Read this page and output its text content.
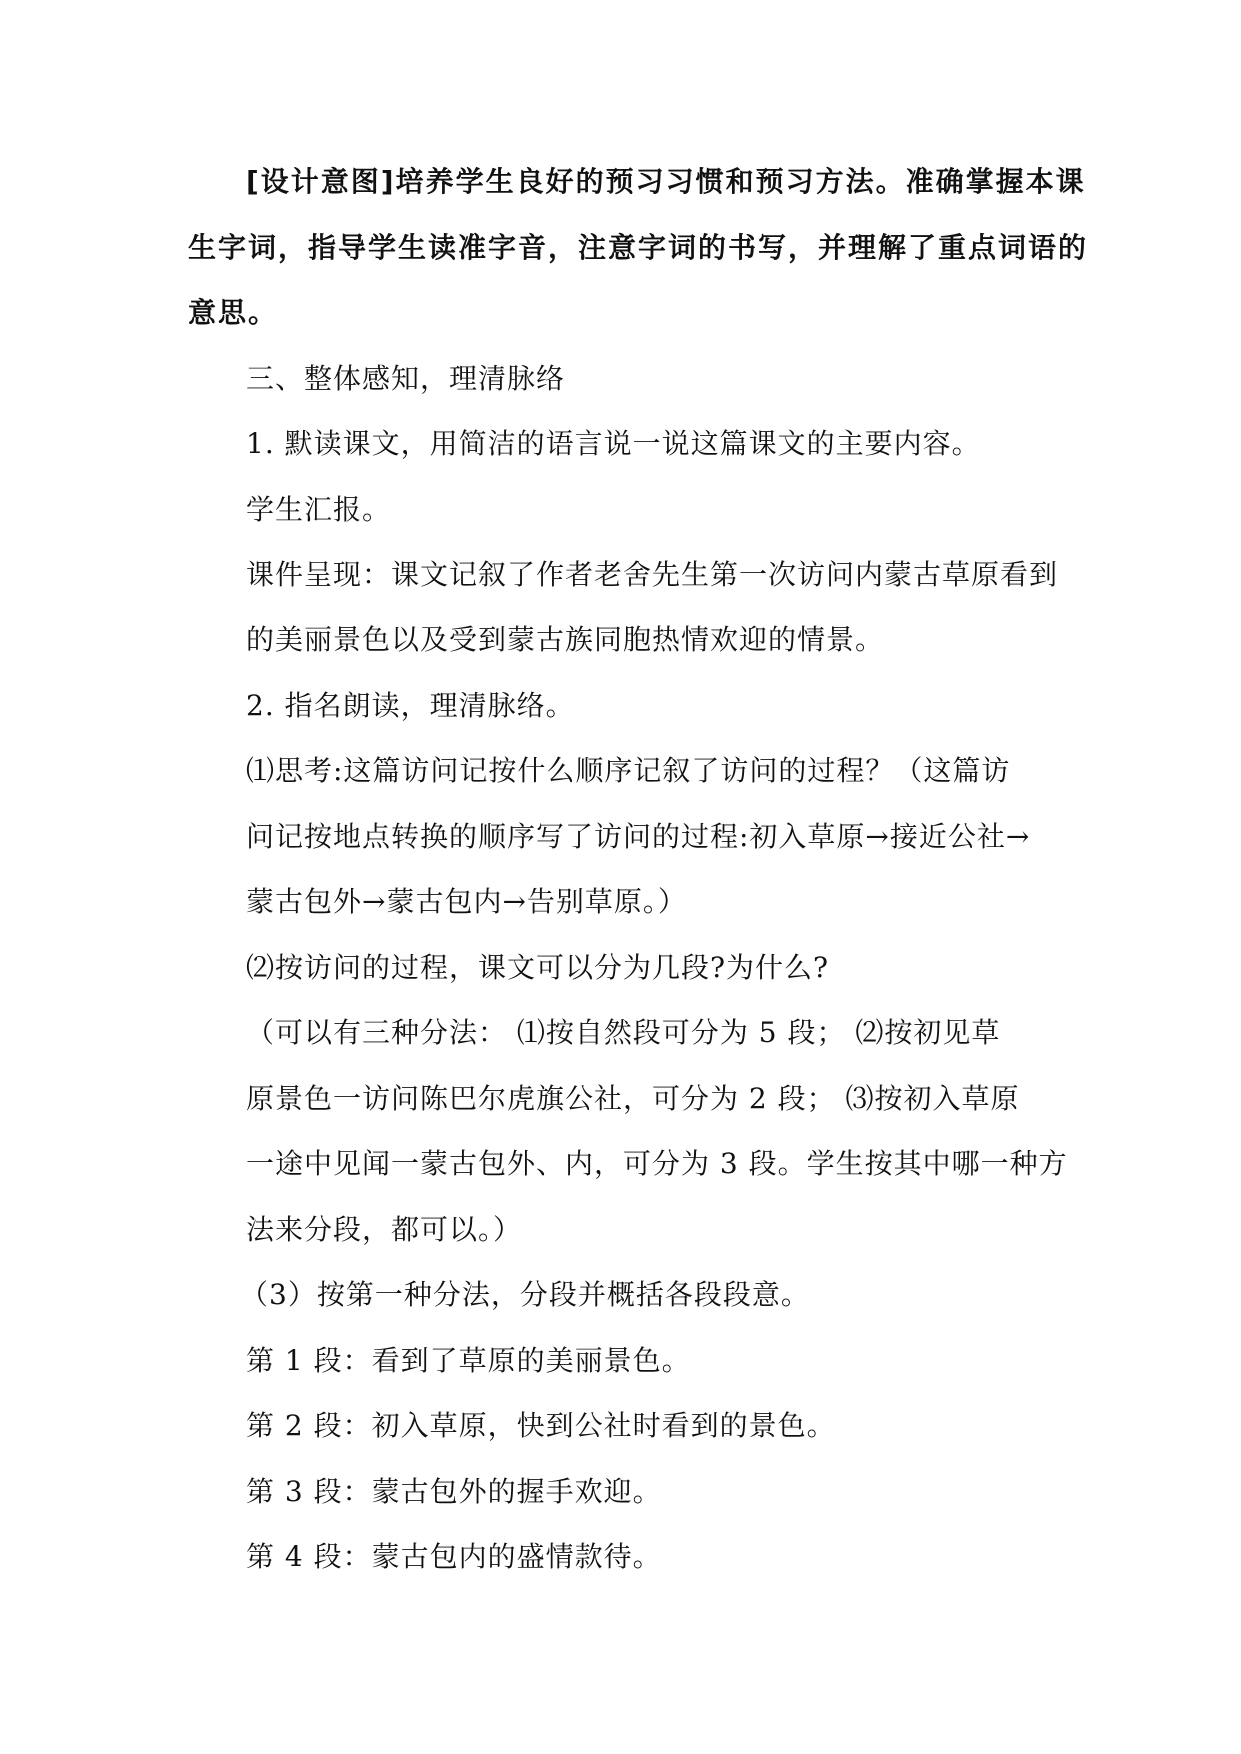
[设计意图]培养学生良好的预习习惯和预习方法。准确掌握本课
生字词，指导学生读准字音，注意字词的书写，并理解了重点词语的
意思。
三、整体感知，理清脉络
1. 默读课文，用简洁的语言说一说这篇课文的主要内容。
学生汇报。
课件呈现：课文记叙了作者老舍先生第一次访问内蒙古草原看到
的美丽景色以及受到蒙古族同胞热情欢迎的情景。
2. 指名朗读，理清脉络。
⑴思考:这篇访问记按什么顺序记叙了访问的过程？（这篇访
问记按地点转换的顺序写了访问的过程:初入草原→接近公社→
蒙古包外→蒙古包内→告别草原。）
⑵按访问的过程，课文可以分为几段?为什么?
（可以有三种分法： ⑴按自然段可分为 5 段； ⑵按初见草
原景色一访问陈巴尔虎旗公社，可分为 2 段； ⑶按初入草原
一途中见闻一蒙古包外、内，可分为 3 段。学生按其中哪一种方
法来分段，都可以。）
（3）按第一种分法，分段并概括各段段意。
第 1 段：看到了草原的美丽景色。
第 2 段：初入草原，快到公社时看到的景色。
第 3 段：蒙古包外的握手欢迎。
第 4 段：蒙古包内的盛情款待。
